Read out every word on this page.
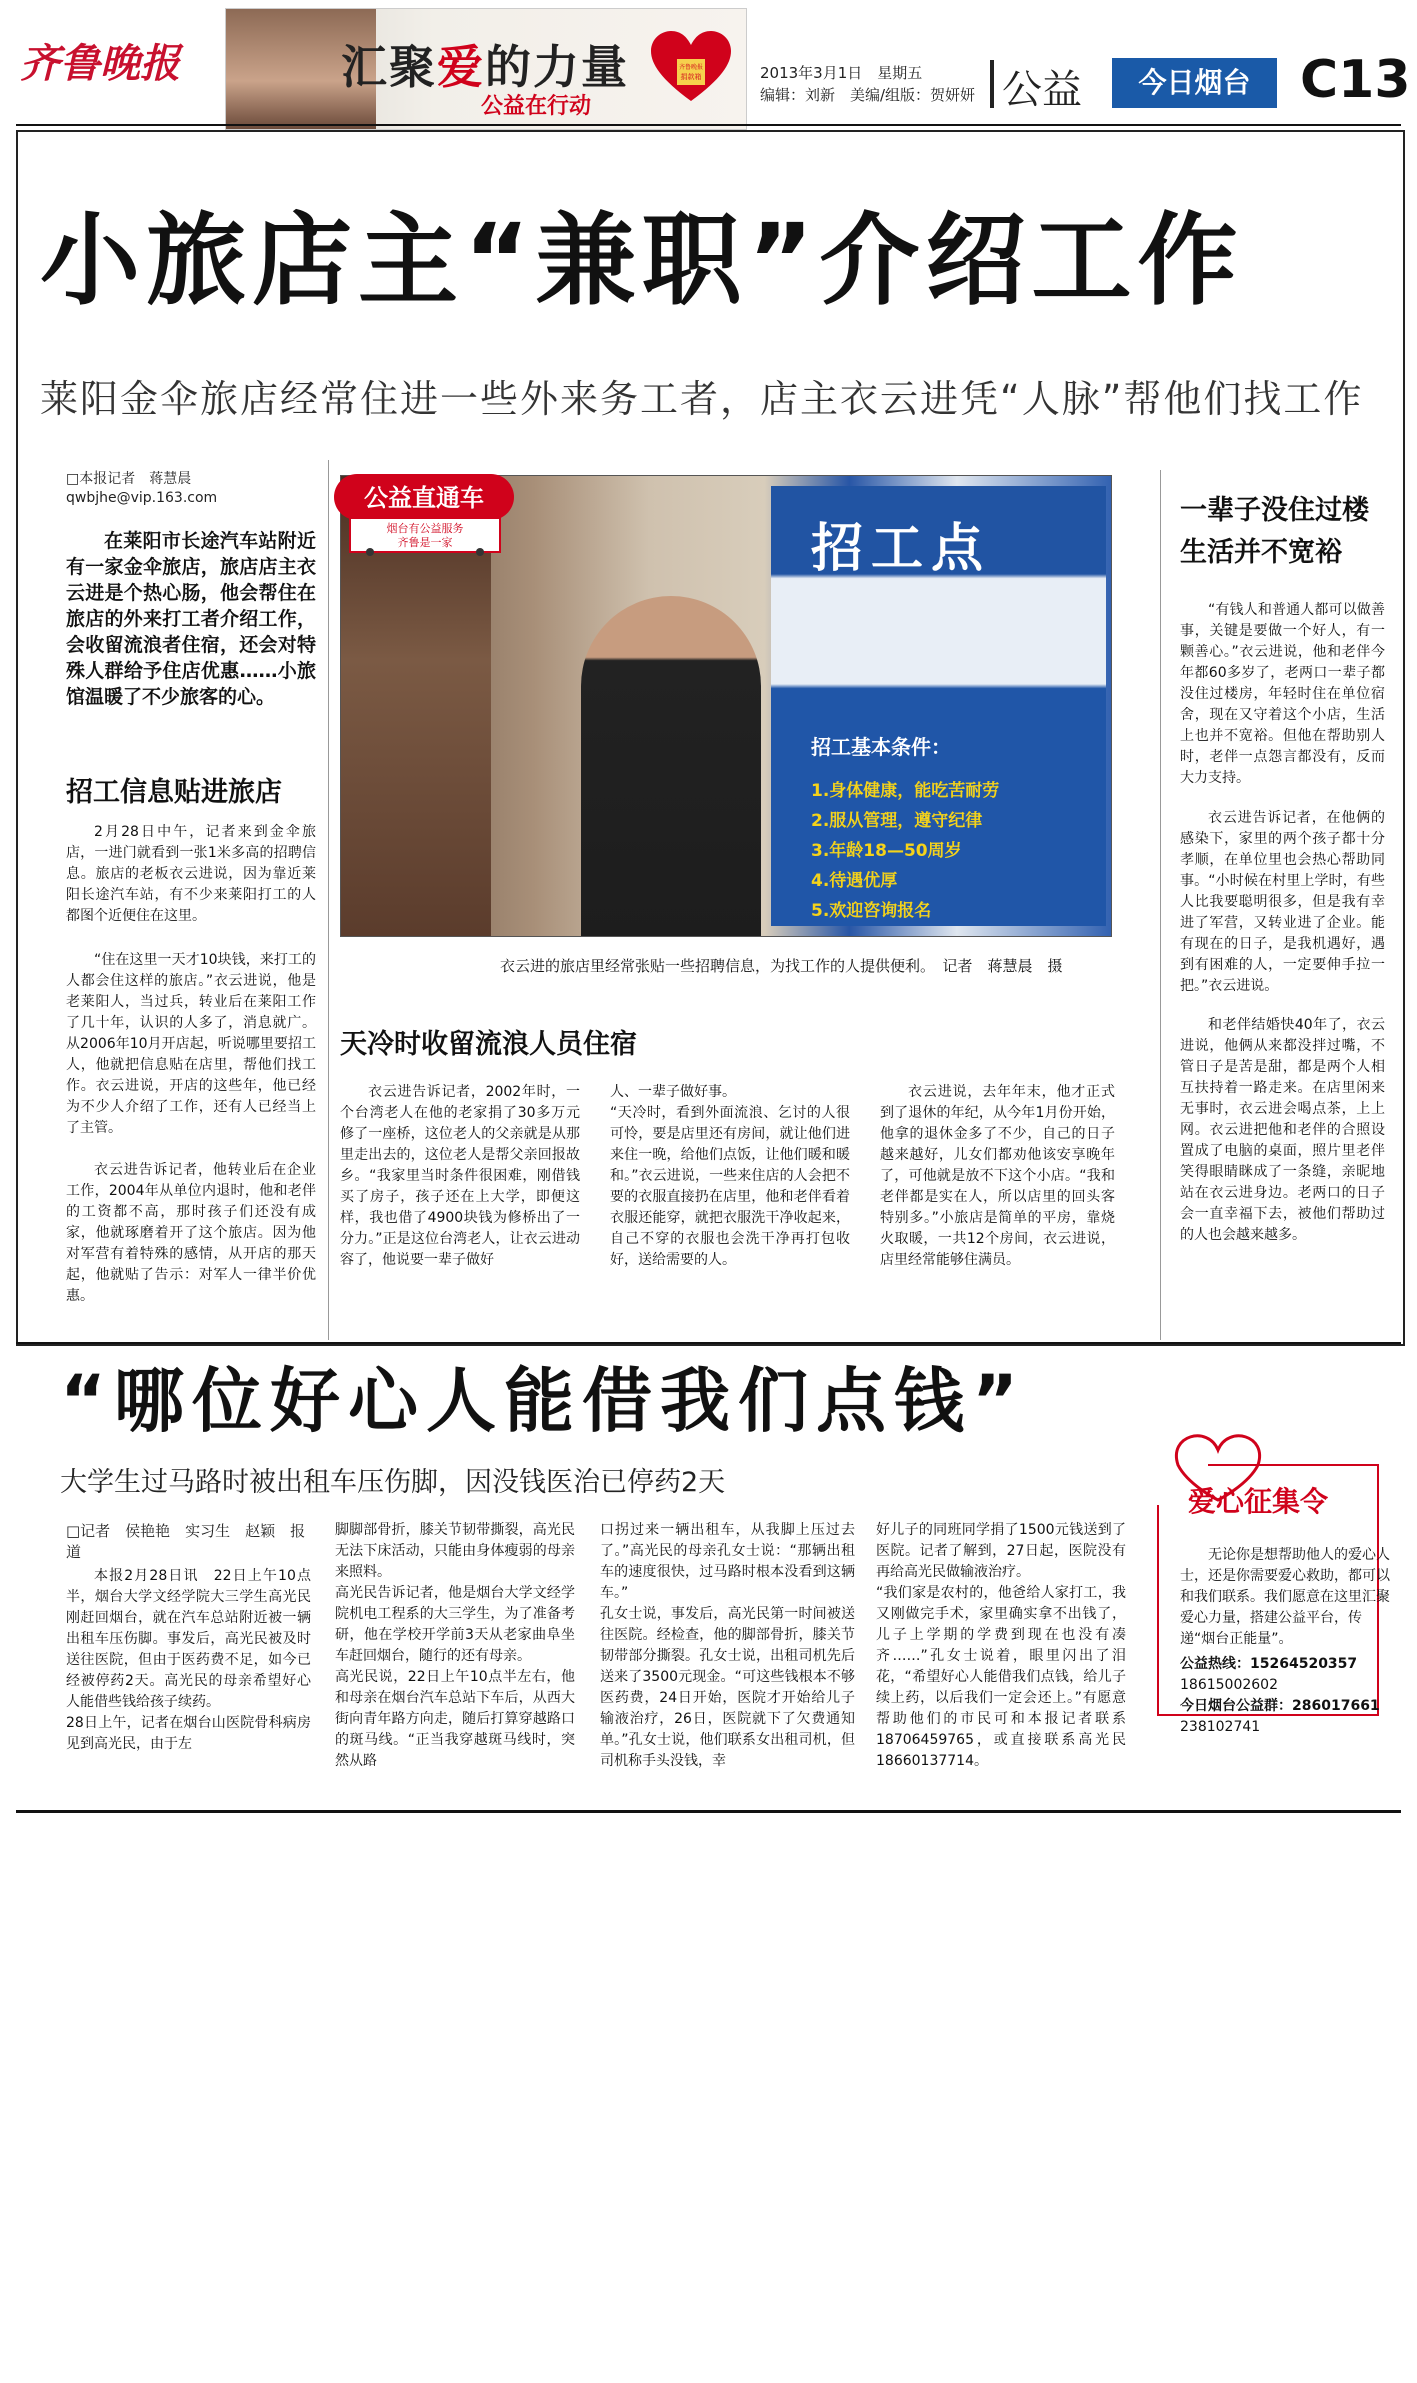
齐鲁晚报	汇聚爱的力量
公益在行动
齐鲁晚报
捐款箱	2013年3月1日　星期五
编辑：刘新　美编/组版：贺妍妍 公益	今日烟台 C13
小旅店主“兼职”介绍工作
莱阳金伞旅店经常住进一些外来务工者，店主衣云进凭“人脉”帮他们找工作
□本报记者　蒋慧晨
qwbjhe@vip.163.com
在莱阳市长途汽车站附近有一家金伞旅店，旅店店主衣云进是个热心肠，他会帮住在旅店的外来打工者介绍工作，会收留流浪者住宿，还会对特殊人群给予住店优惠……小旅馆温暖了不少旅客的心。
招工信息贴进旅店
2月28日中午，记者来到金伞旅店，一进门就看到一张1米多高的招聘信息。旅店的老板衣云进说，因为靠近莱阳长途汽车站，有不少来莱阳打工的人都图个近便住在这里。
“住在这里一天才10块钱，来打工的人都会住这样的旅店。”衣云进说，他是老莱阳人，当过兵，转业后在莱阳工作了几十年，认识的人多了，消息就广。从2006年10月开店起，听说哪里要招工人，他就把信息贴在店里，帮他们找工作。衣云进说，开店的这些年，他已经为不少人介绍了工作，还有人已经当上了主管。
衣云进告诉记者，他转业后在企业工作，2004年从单位内退时，他和老伴的工资都不高，那时孩子们还没有成家，他就琢磨着开了这个旅店。因为他对军营有着特殊的感情，从开店的那天起，他就贴了告示：对军人一律半价优惠。
招工点
招工基本条件：
1.身体健康，能吃苦耐劳
2.服从管理，遵守纪律
3.年龄18—50周岁
4.待遇优厚
5.欢迎咨询报名
公益直通车
烟台有公益服务
齐鲁是一家
衣云进的旅店里经常张贴一些招聘信息，为找工作的人提供便利。　记者　蒋慧晨　摄
天冷时收留流浪人员住宿
衣云进告诉记者，2002年时，一个台湾老人在他的老家捐了30多万元修了一座桥，这位老人的父亲就是从那里走出去的，这位老人是帮父亲回报故乡。“我家里当时条件很困难，刚借钱买了房子，孩子还在上大学，即便这样，我也借了4900块钱为修桥出了一分力。”正是这位台湾老人，让衣云进动容了，他说要一辈子做好
人、一辈子做好事。
“天冷时，看到外面流浪、乞讨的人很可怜，要是店里还有房间，就让他们进来住一晚，给他们点饭，让他们暖和暖和。”衣云进说，一些来住店的人会把不要的衣服直接扔在店里，他和老伴看着衣服还能穿，就把衣服洗干净收起来，自己不穿的衣服也会洗干净再打包收好，送给需要的人。
衣云进说，去年年末，他才正式到了退休的年纪，从今年1月份开始，他拿的退休金多了不少，自己的日子越来越好，儿女们都劝他该安享晚年了，可他就是放不下这个小店。“我和老伴都是实在人，所以店里的回头客特别多。”小旅店是简单的平房，靠烧火取暖，一共12个房间，衣云进说，店里经常能够住满员。
一辈子没住过楼生活并不宽裕
“有钱人和普通人都可以做善事，关键是要做一个好人，有一颗善心。”衣云进说，他和老伴今年都60多岁了，老两口一辈子都没住过楼房，年轻时住在单位宿舍，现在又守着这个小店，生活上也并不宽裕。但他在帮助别人时，老伴一点怨言都没有，反而大力支持。
衣云进告诉记者，在他俩的感染下，家里的两个孩子都十分孝顺，在单位里也会热心帮助同事。“小时候在村里上学时，有些人比我要聪明很多，但是我有幸进了军营，又转业进了企业。能有现在的日子，是我机遇好，遇到有困难的人，一定要伸手拉一把。”衣云进说。
和老伴结婚快40年了，衣云进说，他俩从来都没拌过嘴，不管日子是苦是甜，都是两个人相互扶持着一路走来。在店里闲来无事时，衣云进会喝点茶，上上网。衣云进把他和老伴的合照设置成了电脑的桌面，照片里老伴笑得眼睛眯成了一条缝，亲昵地站在衣云进身边。老两口的日子会一直幸福下去，被他们帮助过的人也会越来越多。
“哪位好心人能借我们点钱”
大学生过马路时被出租车压伤脚，因没钱医治已停药2天
□记者　侯艳艳　实习生　赵颖　报道
本报2月28日讯　22日上午10点半，烟台大学文经学院大三学生高光民刚赶回烟台，就在汽车总站附近被一辆出租车压伤脚。事发后，高光民被及时送往医院，但由于医药费不足，如今已经被停药2天。高光民的母亲希望好心人能借些钱给孩子续药。
28日上午，记者在烟台山医院骨科病房见到高光民，由于左
脚脚部骨折，膝关节韧带撕裂，高光民无法下床活动，只能由身体瘦弱的母亲来照料。
高光民告诉记者，他是烟台大学文经学院机电工程系的大三学生，为了准备考研，他在学校开学前3天从老家曲阜坐车赶回烟台，随行的还有母亲。
高光民说，22日上午10点半左右，他和母亲在烟台汽车总站下车后，从西大街向青年路方向走，随后打算穿越路口的斑马线。“正当我穿越斑马线时，突然从路
口拐过来一辆出租车，从我脚上压过去了。”高光民的母亲孔女士说：“那辆出租车的速度很快，过马路时根本没看到这辆车。”
孔女士说，事发后，高光民第一时间被送往医院。经检查，他的脚部骨折，膝关节韧带部分撕裂。孔女士说，出租司机先后送来了3500元现金。“可这些钱根本不够医药费，24日开始，医院才开始给儿子输液治疗，26日，医院就下了欠费通知单。”孔女士说，他们联系女出租司机，但司机称手头没钱，幸
好儿子的同班同学捐了1500元钱送到了医院。记者了解到，27日起，医院没有再给高光民做输液治疗。
“我们家是农村的，他爸给人家打工，我又刚做完手术，家里确实拿不出钱了，儿子上学期的学费到现在也没有凑齐……”孔女士说着，眼里闪出了泪花，“希望好心人能借我们点钱，给儿子续上药，以后我们一定会还上。”有愿意帮助他们的市民可和本报记者联系18706459765，或直接联系高光民18660137714。
爱心征集令
无论你是想帮助他人的爱心人士，还是你需要爱心救助，都可以和我们联系。我们愿意在这里汇聚爱心力量，搭建公益平台，传递“烟台正能量”。
公益热线：15264520357
18615002602
今日烟台公益群：286017661
238102741
